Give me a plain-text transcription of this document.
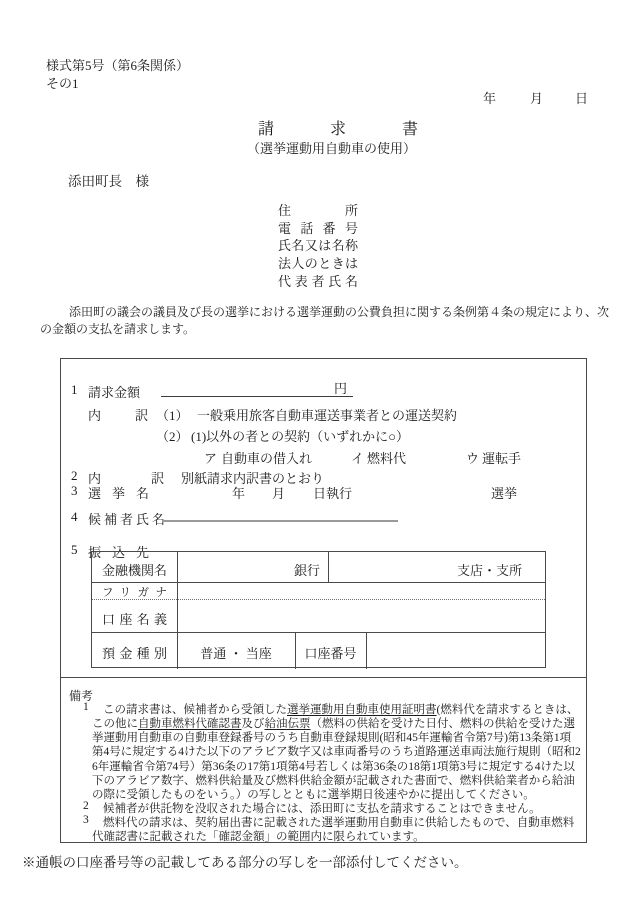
様式第5号（第6条関係）
その1
年	月 日
請求書
（選挙運動用自動車の使用）
添田町長　様
住所
電話番号
氏名又は名称
法人のときは
代表者氏名
添田町の議会の議員及び長の選挙における選挙運動の公費負担に関する条例第４条の規定により、次
の金額の支払を請求します。
1 請求金額	円
内訳 （1） 一般乗用旅客自動車運送事業者との運送契約
（2） (1)以外の者との契約（いずれかに○）
ア 自動車の借入れ	イ 燃料代	ウ 運転手
2 内訳 別紙請求内訳書のとおり
3 選挙名	年 月 日執行	選挙
4 候補者氏名
5 振込先
金融機関名	銀行	支店・支所
フリガナ
口座名義
預金種別	普通 ・ 当座	口座番号
備考
1 この請求書は、候補者から受領した選挙運動用自動車使用証明書(燃料代を請求するときは、
この他に自動車燃料代確認書及び給油伝票（燃料の供給を受けた日付、燃料の供給を受けた選
挙運動用自動車の自動車登録番号のうち自動車登録規則(昭和45年運輸省令第7号)第13条第1項
第4号に規定する4けた以下のアラビア数字又は車両番号のうち道路運送車両法施行規則（昭和2
6年運輸省令第74号）第36条の17第1項第4号若しくは第36条の18第1項第3号に規定する4けた以
下のアラビア数字、燃料供給量及び燃料供給金額が記載された書面で、燃料供給業者から給油
の際に受領したものをいう。）の写しとともに選挙期日後速やかに提出してください。
2 候補者が供託物を没収された場合には、添田町に支払を請求することはできません。
3 燃料代の請求は、契約届出書に記載された選挙運動用自動車に供給したもので、自動車燃料
代確認書に記載された「確認金額」の範囲内に限られています。
※通帳の口座番号等の記載してある部分の写しを一部添付してください。
